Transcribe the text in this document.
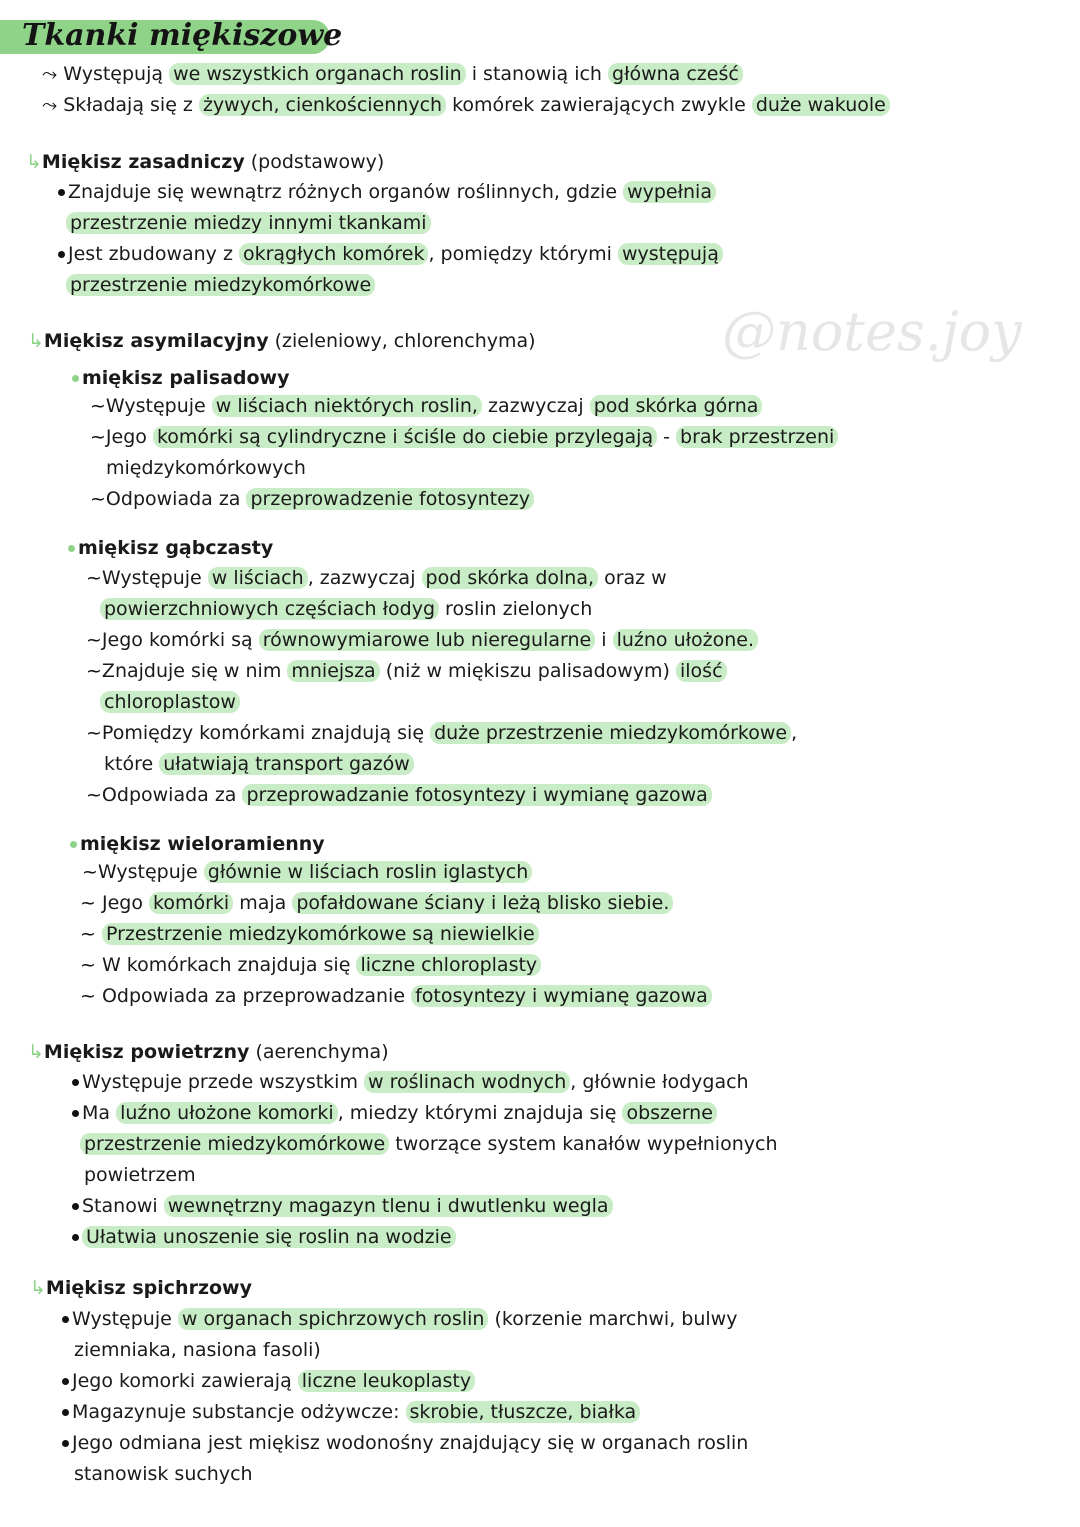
Tkanki miękiszowe
@notes.joy
⤳ Występują we wszystkich organach roslin i stanowią ich główna cześć
⤳ Składają się z żywych, cienkościennych komórek zawierających zwykle duże wakuole
↳Miękisz zasadniczy (podstawowy)
Znajduje się wewnątrz różnych organów roślinnych, gdzie wypełnia
przestrzenie miedzy innymi tkankami
Jest zbudowany z okrągłych komórek , pomiędzy którymi występują
przestrzenie miedzykomórkowe
↳Miękisz asymilacyjny (zieleniowy, chlorenchyma)
miękisz palisadowy
~Występuje w liściach niektórych roslin, zazwyczaj pod skórka górna
~Jego komórki są cylindryczne i ściśle do ciebie przylegają - brak przestrzeni
międzykomórkowych
~Odpowiada za przeprowadzenie fotosyntezy
miękisz gąbczasty
~Występuje w liściach , zazwyczaj pod skórka dolna, oraz w
powierzchniowych częściach łodyg roslin zielonych
~Jego komórki są równowymiarowe lub nieregularne i luźno ułożone.
~Znajduje się w nim mniejsza (niż w miękiszu palisadowym) ilość
chloroplastow
~Pomiędzy komórkami znajdują się duże przestrzenie miedzykomórkowe ,
które ułatwiają transport gazów
~Odpowiada za przeprowadzanie fotosyntezy i wymianę gazowa
miękisz wieloramienny
~Występuje głównie w liściach roslin iglastych
~ Jego komórki maja pofałdowane ściany i leżą blisko siebie.
~ Przestrzenie miedzykomórkowe są niewielkie
~ W komórkach znajduja się liczne chloroplasty
~ Odpowiada za przeprowadzanie fotosyntezy i wymianę gazowa
↳Miękisz powietrzny (aerenchyma)
Występuje przede wszystkim w roślinach wodnych , głównie łodygach
Ma luźno ułożone komorki , miedzy którymi znajduja się obszerne
przestrzenie miedzykomórkowe tworzące system kanałów wypełnionych
powietrzem
Stanowi wewnętrzny magazyn tlenu i dwutlenku wegla
Ułatwia unoszenie się roslin na wodzie
↳Miękisz spichrzowy
Występuje w organach spichrzowych roslin (korzenie marchwi, bulwy
ziemniaka, nasiona fasoli)
Jego komorki zawierają liczne leukoplasty
Magazynuje substancje odżywcze: skrobie, tłuszcze, białka
Jego odmiana jest miękisz wodonośny znajdujący się w organach roslin
stanowisk suchych
